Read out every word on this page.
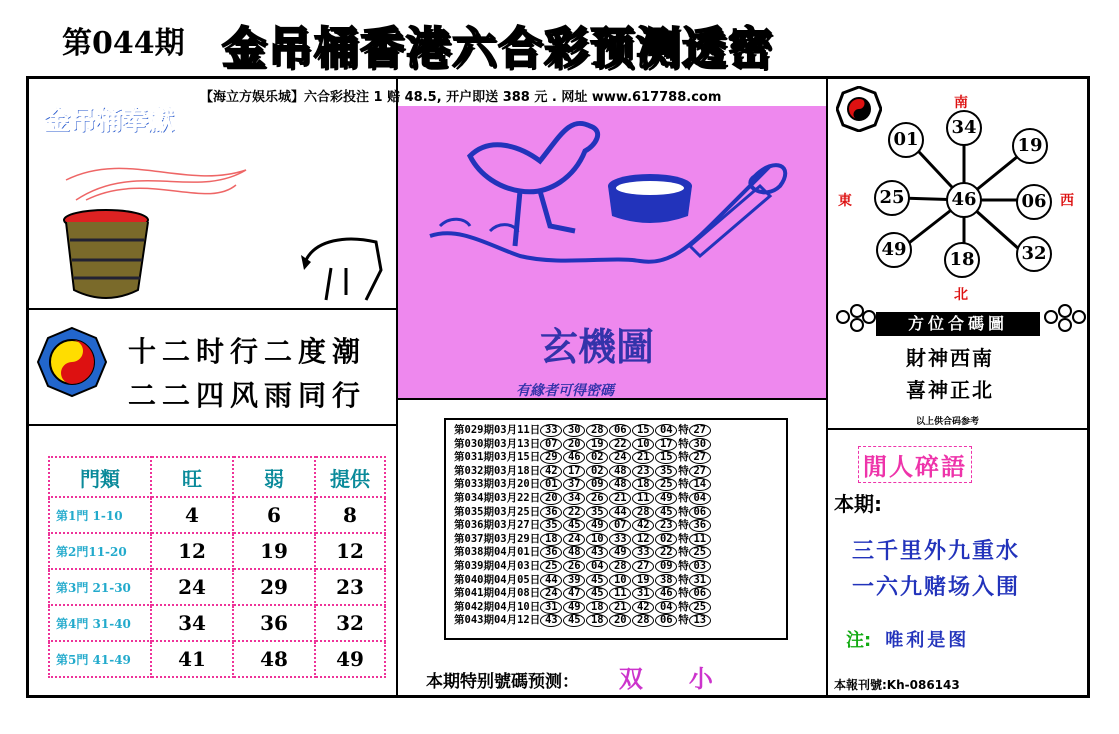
第044期 金吊桶香港六合彩预测透密
【海立方娱乐城】六合彩投注 1 赔 48.5, 开户即送 388 元 . 网址 www.617788.com
金吊桶奉獻
十二时行二度潮
二二四风雨同行
門類	旺	弱	提供
第1門 1-10	4	6	8
第2門11-20	12	19	12
第3門 21-30	24	29	23
第4門 31-40	34	36	32
第5門 41-49	41	48	49
玄機圖
有緣者可得密碼
第029期03月11日 33 30 28 06 15 04 特 27
第030期03月13日 07 20 19 22 10 17 特 30
第031期03月15日 29 46 02 24 21 15 特 27
第032期03月18日 42 17 02 48 23 35 特 27
第033期03月20日 01 37 09 48 18 25 特 14
第034期03月22日 20 34 26 21 11 49 特 04
第035期03月25日 36 22 35 44 28 45 特 06
第036期03月27日 35 45 49 07 42 23 特 36
第037期03月29日 18 24 10 33 12 02 特 11
第038期04月01日 36 48 43 49 33 22 特 25
第039期04月03日 25 26 04 28 27 09 特 03
第040期04月05日 44 39 45 10 19 38 特 31
第041期04月08日 24 47 45 11 31 46 特 06
第042期04月10日 31 49 18 21 42 04 特 25
第043期04月12日 43 45 18 20 28 06 特 13
本期特别號碼预测： 双 小
01
34
19
25	46	06
49	18	32
南
北
東	西
方位合碼圖
財神西南
喜神正北
以上供合码参考
閒人碎語
本期:
三千里外九重水
一六九赌场入围
注: 唯利是图
本報刊號:Kh-086143
